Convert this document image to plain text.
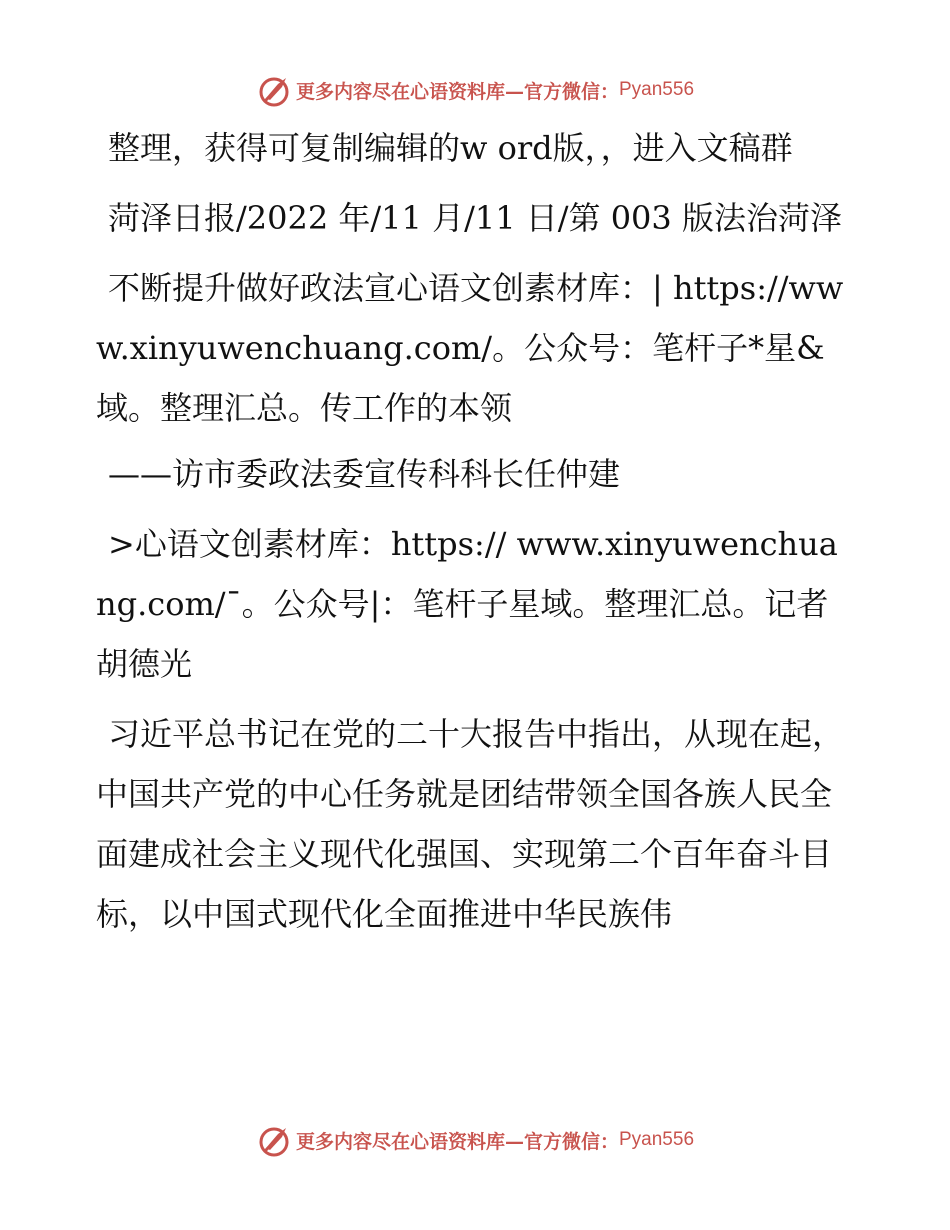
更多内容尽在心语资料库—官方微信： Pyan556

整理，获得可复制编辑的w ord版，，进入文稿群

菏泽日报/2022 年/11 月/11 日/第 003 版法治菏泽

不断提升做好政法宣心语文创素材库：| https://www.xinyuwenchuang.com/。公众号：笔杆子*星&域。整理汇总。传工作的本领

——访市委政法委宣传科科长任仲建

>心语文创素材库：https:// www.xinyuwenchuang.com/¯。公众号|：笔杆子星域。整理汇总。记者　胡德光

习近平总书记在党的二十大报告中指出，从现在起，中国共产党的中心任务就是团结带领全国各族人民全面建成社会主义现代化强国、实现第二个百年奋斗目标，以中国式现代化全面推进中华民族伟

更多内容尽在心语资料库—官方微信： Pyan556
